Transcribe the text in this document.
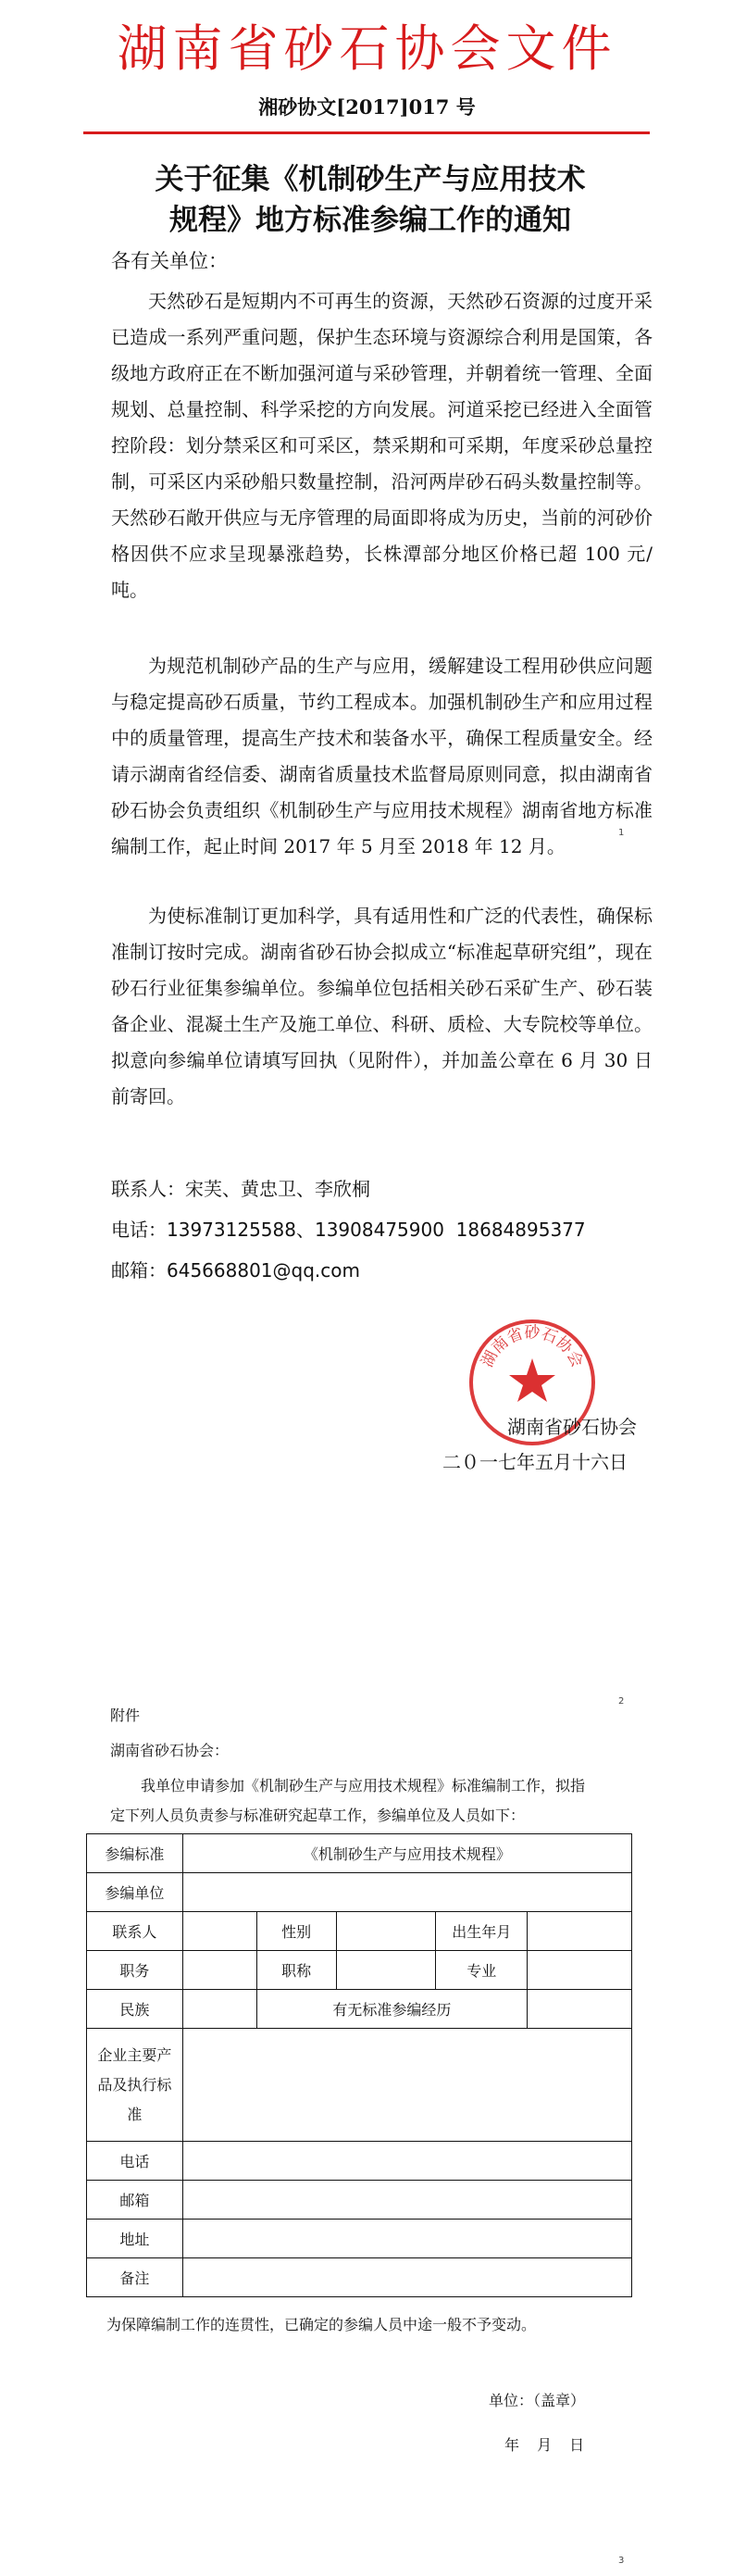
湖南省砂石协会文件
湘砂协文[2017]017 号
关于征集《机制砂生产与应用技术
规程》地方标准参编工作的通知
各有关单位：
天然砂石是短期内不可再生的资源，天然砂石资源的过度开采已造成一系列严重问题，保护生态环境与资源综合利用是国策，各级地方政府正在不断加强河道与采砂管理，并朝着统一管理、全面规划、总量控制、科学采挖的方向发展。河道采挖已经进入全面管控阶段：划分禁采区和可采区，禁采期和可采期，年度采砂总量控制，可采区内采砂船只数量控制，沿河两岸砂石码头数量控制等。天然砂石敞开供应与无序管理的局面即将成为历史，当前的河砂价格因供不应求呈现暴涨趋势，长株潭部分地区价格已超 100 元/吨。
为规范机制砂产品的生产与应用，缓解建设工程用砂供应问题与稳定提高砂石质量，节约工程成本。加强机制砂生产和应用过程中的质量管理，提高生产技术和装备水平，确保工程质量安全。经请示湖南省经信委、湖南省质量技术监督局原则同意，拟由湖南省砂石协会负责组织《机制砂生产与应用技术规程》湖南省地方标准编制工作，起止时间 2017 年 5 月至 2018 年 12 月。
1
为使标准制订更加科学，具有适用性和广泛的代表性，确保标准制订按时完成。湖南省砂石协会拟成立“标准起草研究组”，现在砂石行业征集参编单位。参编单位包括相关砂石采矿生产、砂石装备企业、混凝土生产及施工单位、科研、质检、大专院校等单位。拟意向参编单位请填写回执（见附件），并加盖公章在 6 月 30 日前寄回。
联系人：宋芙、黄忠卫、李欣桐
电话：13973125588、13908475900  18684895377
邮箱：645668801@qq.com
湖南省砂石协会
湖南省砂石协会
二０一七年五月十六日
2
附件
湖南省砂石协会：
我单位申请参加《机制砂生产与应用技术规程》标准编制工作，拟指
定下列人员负责参与标准研究起草工作，参编单位及人员如下：
参编标准	《机制砂生产与应用技术规程》				
参编单位					
联系人		性别		出生年月	
职务		职称		专业	
民族		有无标准参编经历			

企业主要产
品及执行标
准					

电话					
邮箱					
地址					
备注					
为保障编制工作的连贯性，已确定的参编人员中途一般不予变动。
单位：（盖章）
年 月 日
3
